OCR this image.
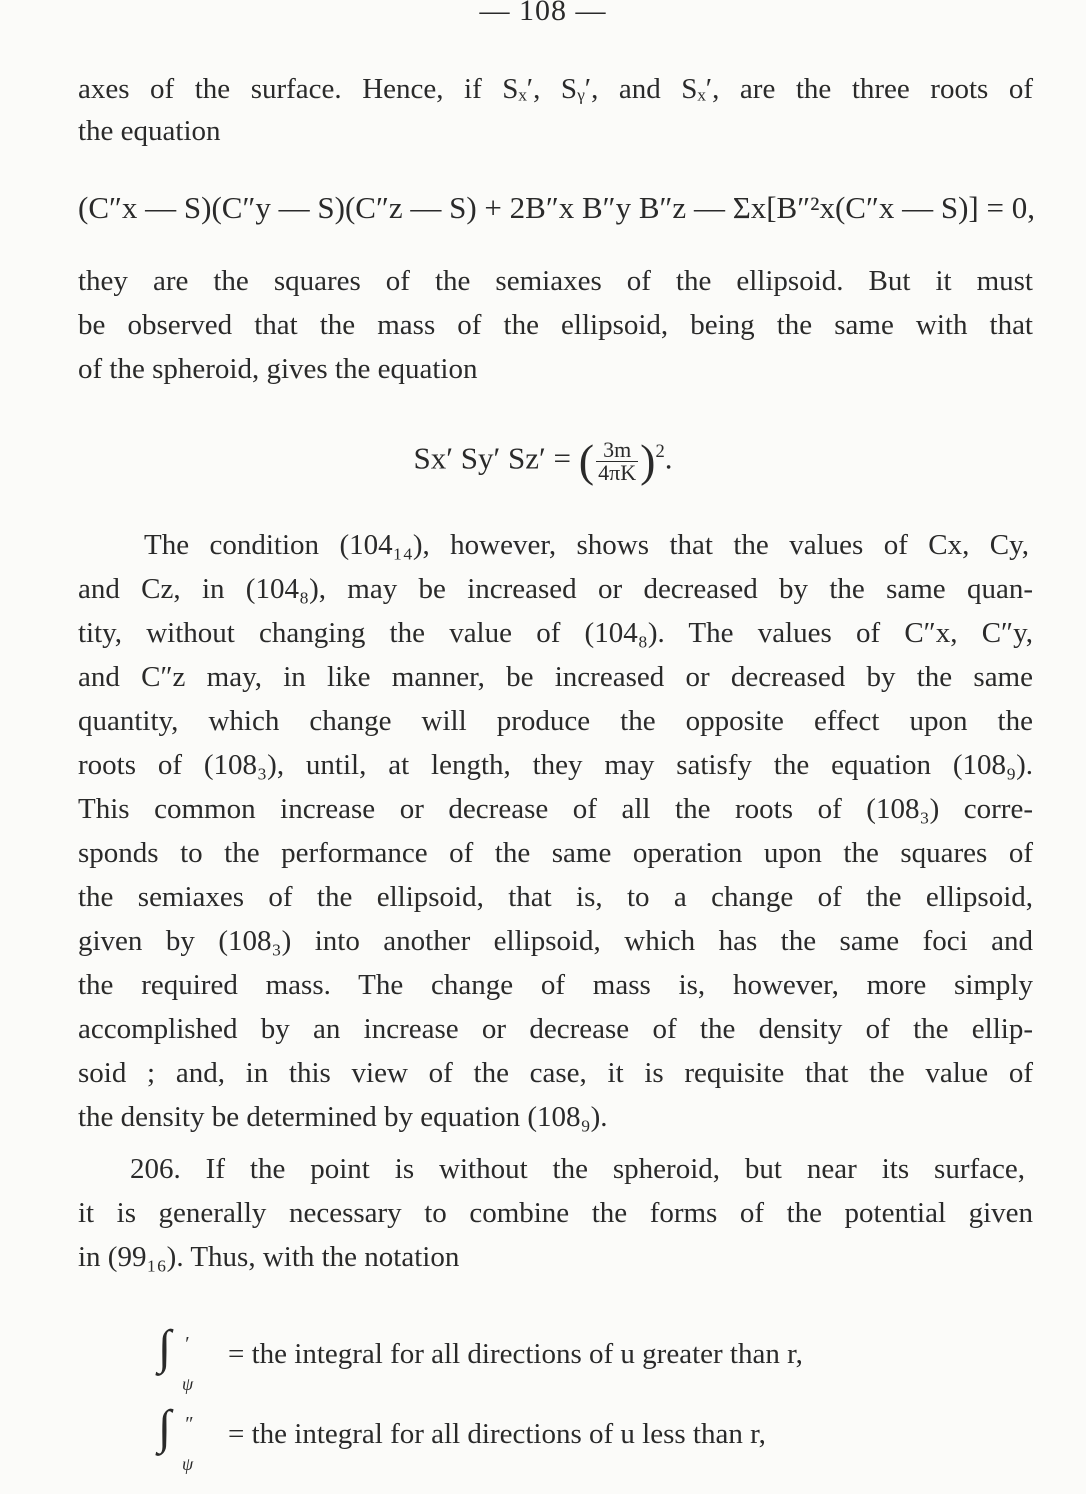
— 108 —
axes of the surface. Hence, if Sₓ′, Sᵧ′, and Sₓ′, are the three roots of
the equation
(C″x — S)(C″y — S)(C″z — S) + 2B″x B″y B″z — Σx[B″²x(C″x — S)] = 0,
they are the squares of the semiaxes of the ellipsoid. But it must
be observed that the mass of the ellipsoid, being the same with that
of the spheroid, gives the equation
Sx′ Sy′ Sz′ = ( $\frac{3m}{4\pi K} )^2$.
The condition (104₁₄), however, shows that the values of Cx, Cy,
and Cz, in (104₈), may be increased or decreased by the same quan-
tity, without changing the value of (104₈). The values of C″x, C″y,
and C″z may, in like manner, be increased or decreased by the same
quantity, which change will produce the opposite effect upon the
roots of (108₃), until, at length, they may satisfy the equation (108₉).
This common increase or decrease of all the roots of (108₃) corre-
sponds to the performance of the same operation upon the squares of
the semiaxes of the ellipsoid, that is, to a change of the ellipsoid,
given by (108₃) into another ellipsoid, which has the same foci and
the required mass. The change of mass is, however, more simply
accomplished by an increase or decrease of the density of the ellip-
soid ; and, in this view of the case, it is requisite that the value of
the density be determined by equation (108₉).
206. If the point is without the spheroid, but near its surface,
it is generally necessary to combine the forms of the potential given
in (99₁₆). Thus, with the notation
∫ ′
ψ
= the integral for all directions of u greater than r,
∫ ″
ψ
= the integral for all directions of u less than r,
